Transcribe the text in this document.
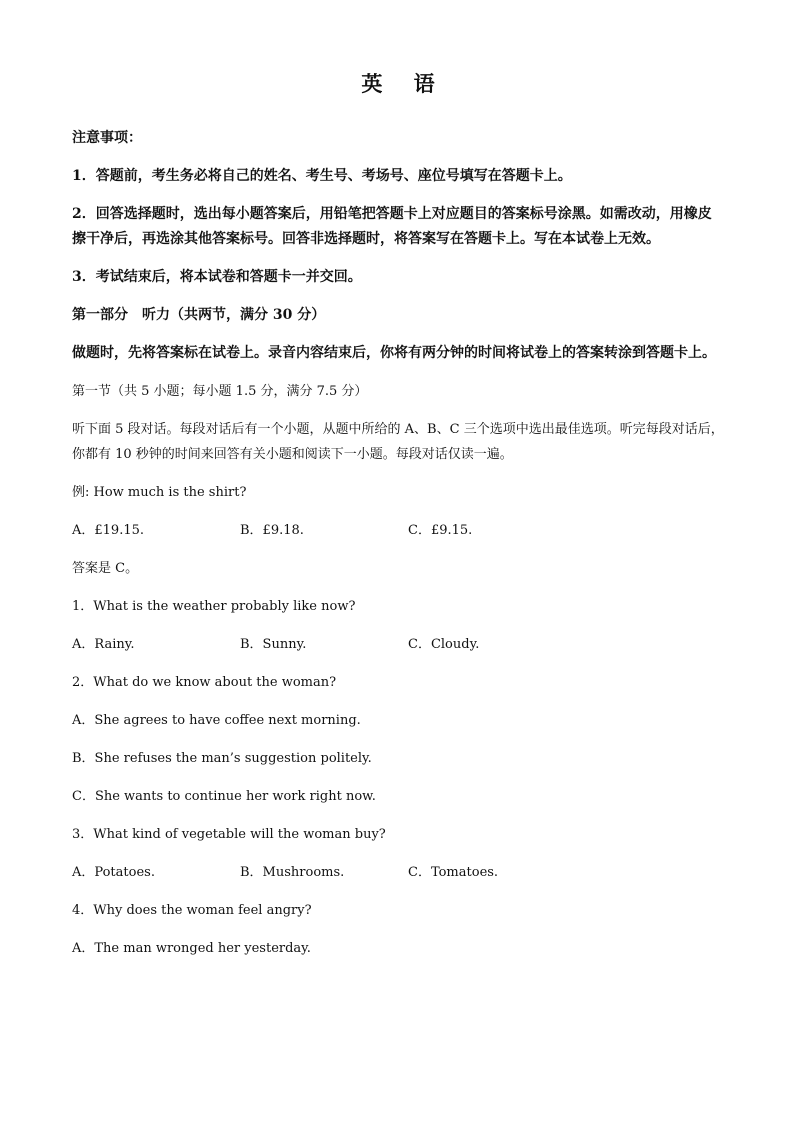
英 语
注意事项：
1．答题前，考生务必将自己的姓名、考生号、考场号、座位号填写在答题卡上。
2．回答选择题时，选出每小题答案后，用铅笔把答题卡上对应题目的答案标号涂黑。如需改动，用橡皮擦干净后，再选涂其他答案标号。回答非选择题时，将答案写在答题卡上。写在本试卷上无效。
3．考试结束后，将本试卷和答题卡一并交回。
第一部分　听力（共两节，满分 30 分）
做题时，先将答案标在试卷上。录音内容结束后，你将有两分钟的时间将试卷上的答案转涂到答题卡上。
第一节（共 5 小题；每小题 1.5 分，满分 7.5 分）
听下面 5 段对话。每段对话后有一个小题，从题中所给的 A、B、C 三个选项中选出最佳选项。听完每段对话后，你都有 10 秒钟的时间来回答有关小题和阅读下一小题。每段对话仅读一遍。
例: How much is the shirt?
A．£19.15.	B．£9.18.	C．£9.15.
答案是 C。
1．What is the weather probably like now?
A．Rainy.	B．Sunny.	C．Cloudy.
2．What do we know about the woman?
A．She agrees to have coffee next morning.
B．She refuses the man’s suggestion politely.
C．She wants to continue her work right now.
3．What kind of vegetable will the woman buy?
A．Potatoes.	B．Mushrooms.	C．Tomatoes.
4．Why does the woman feel angry?
A．The man wronged her yesterday.
